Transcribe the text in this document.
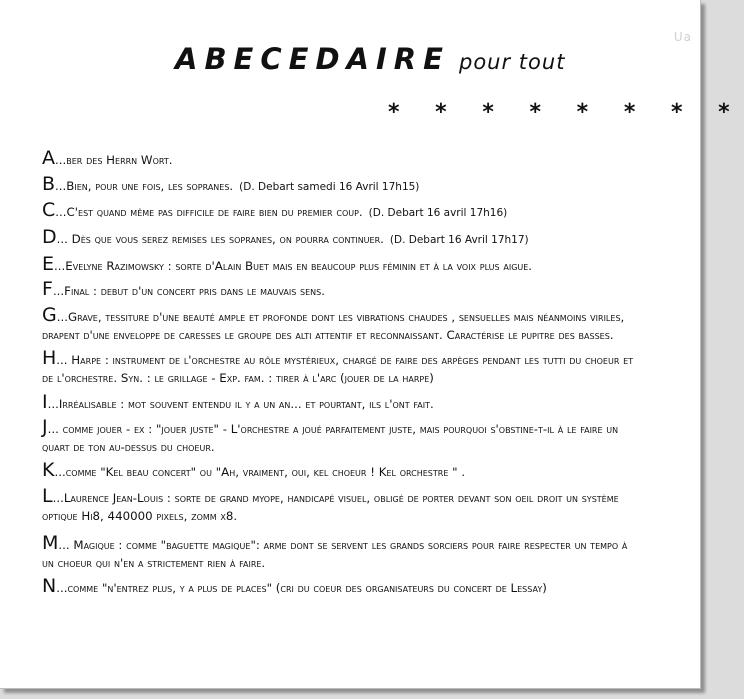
Ua
ABECEDAIRE pour tout
* * * * * * * *
A...ber des Herrn Wort.
B...Bien, pour une fois, les sopranes. (D. Debart samedi 16 Avril 17h15)
C...C'est quand même pas difficile de faire bien du premier coup. (D. Debart 16 avril 17h16)
D... Dès que vous serez remises les sopranes, on pourra continuer. (D. Debart 16 Avril 17h17)
E...Evelyne Razimowsky : sorte d'Alain Buet mais en beaucoup plus féminin et à la voix plus aigue.
F...Final : debut d'un concert pris dans le mauvais sens.
G...Grave, tessiture d'une beauté ample et profonde dont les vibrations chaudes , sensuelles mais néanmoins viriles, drapent d'une enveloppe de caresses le groupe des alti attentif et reconnaissant. Caractérise le pupitre des basses.
H... Harpe : instrument de l'orchestre au rôle mystérieux, chargé de faire des arpèges pendant les tutti du choeur et de l'orchestre. Syn. : le grillage - Exp. fam. : tirer à l'arc (jouer de la harpe)
I...Irréalisable : mot souvent entendu il y a un an... et pourtant, ils l'ont fait.
J... comme jouer - ex : "jouer juste" - L'orchestre a joué parfaitement juste, mais pourquoi s'obstine-t-il à le faire un quart de ton au-dessus du choeur.
K...comme "Kel beau concert" ou "Ah, vraiment, oui, kel choeur ! Kel orchestre " .
L...Laurence Jean-Louis : sorte de grand myope, handicapé visuel, obligé de porter devant son oeil droit un système optique Hi8, 440000 pixels, zomm x8.
M... Magique : comme "baguette magique": arme dont se servent les grands sorciers pour faire respecter un tempo à un choeur qui n'en a strictement rien à faire.
N...comme "n'entrez plus, y a plus de places" (cri du coeur des organisateurs du concert de Lessay)
